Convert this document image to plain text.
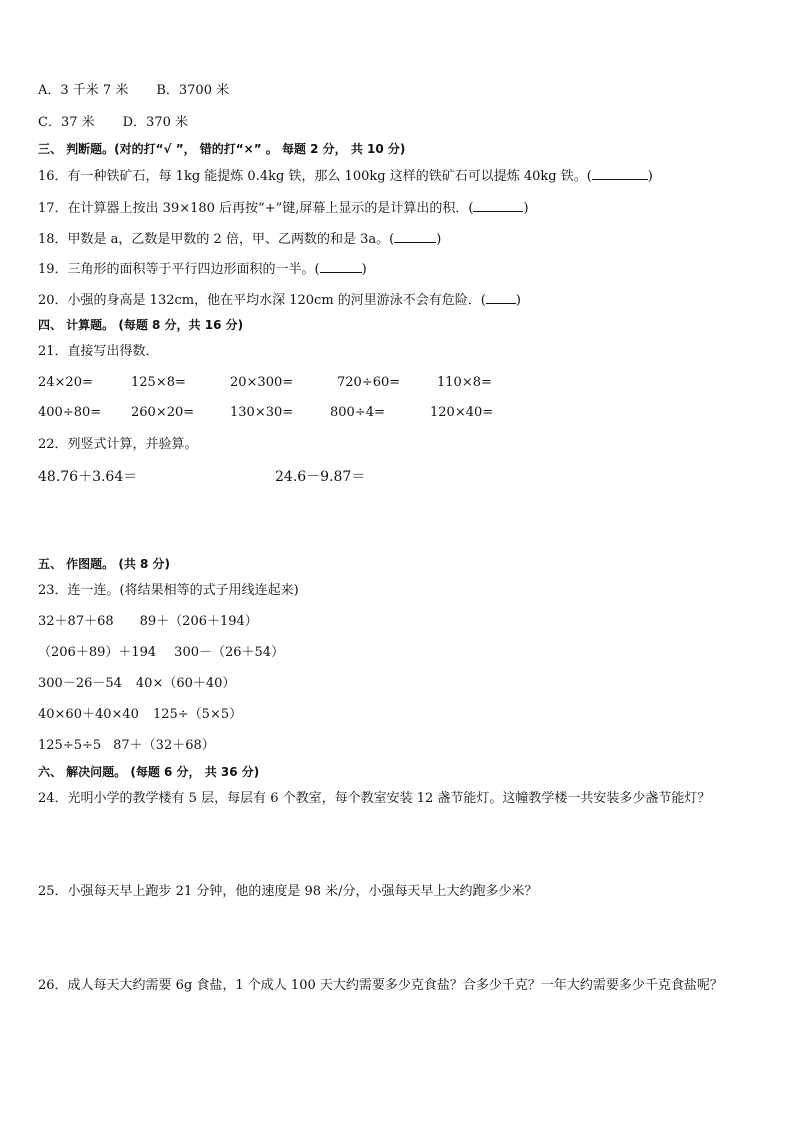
A．3 千米 7 米 B．3700 米
C．37 米 D．370 米
三、 判断题。(对的打“√ ”， 错的打“×” 。 每题 2 分， 共 10 分)
16．有一种铁矿石，每 1kg 能提炼 0.4kg 铁，那么 100kg 这样的铁矿石可以提炼 40kg 铁。(	)
17．在计算器上按出 39×180 后再按“+”键,屏幕上显示的是计算出的积．(	)
18．甲数是 a，乙数是甲数的 2 倍，甲、乙两数的和是 3a。(	)
19．三角形的面积等于平行四边形面积的一半。(	)
20．小强的身高是 132cm，他在平均水深 120cm 的河里游泳不会有危险．( )
四、 计算题。 (每题 8 分，共 16 分)
21．直接写出得数．
24×20=	125×8=	20×300=	720÷60=	110×8=
400÷80= 260×20=	130×30=	800÷4=	120×40=
22．列竖式计算，并验算。
48.76＋3.64＝	24.6－9.87＝
五、 作图题。 (共 8 分)
23．连一连。(将结果相等的式子用线连起来)
32＋87＋68 89＋（206＋194）
（206＋89）＋194 300－（26＋54）
300－26－54 40×（60＋40）
40×60＋40×40 125÷（5×5）
125÷5÷5 87＋（32＋68）
六、 解决问题。 (每题 6 分， 共 36 分)
24．光明小学的教学楼有 5 层，每层有 6 个教室，每个教室安装 12 盏节能灯。这幢教学楼一共安装多少盏节能灯？
25．小强每天早上跑步 21 分钟，他的速度是 98 米/分，小强每天早上大约跑多少米？
26．成人每天大约需要 6g 食盐，1 个成人 100 天大约需要多少克食盐？合多少千克？一年大约需要多少千克食盐呢？
